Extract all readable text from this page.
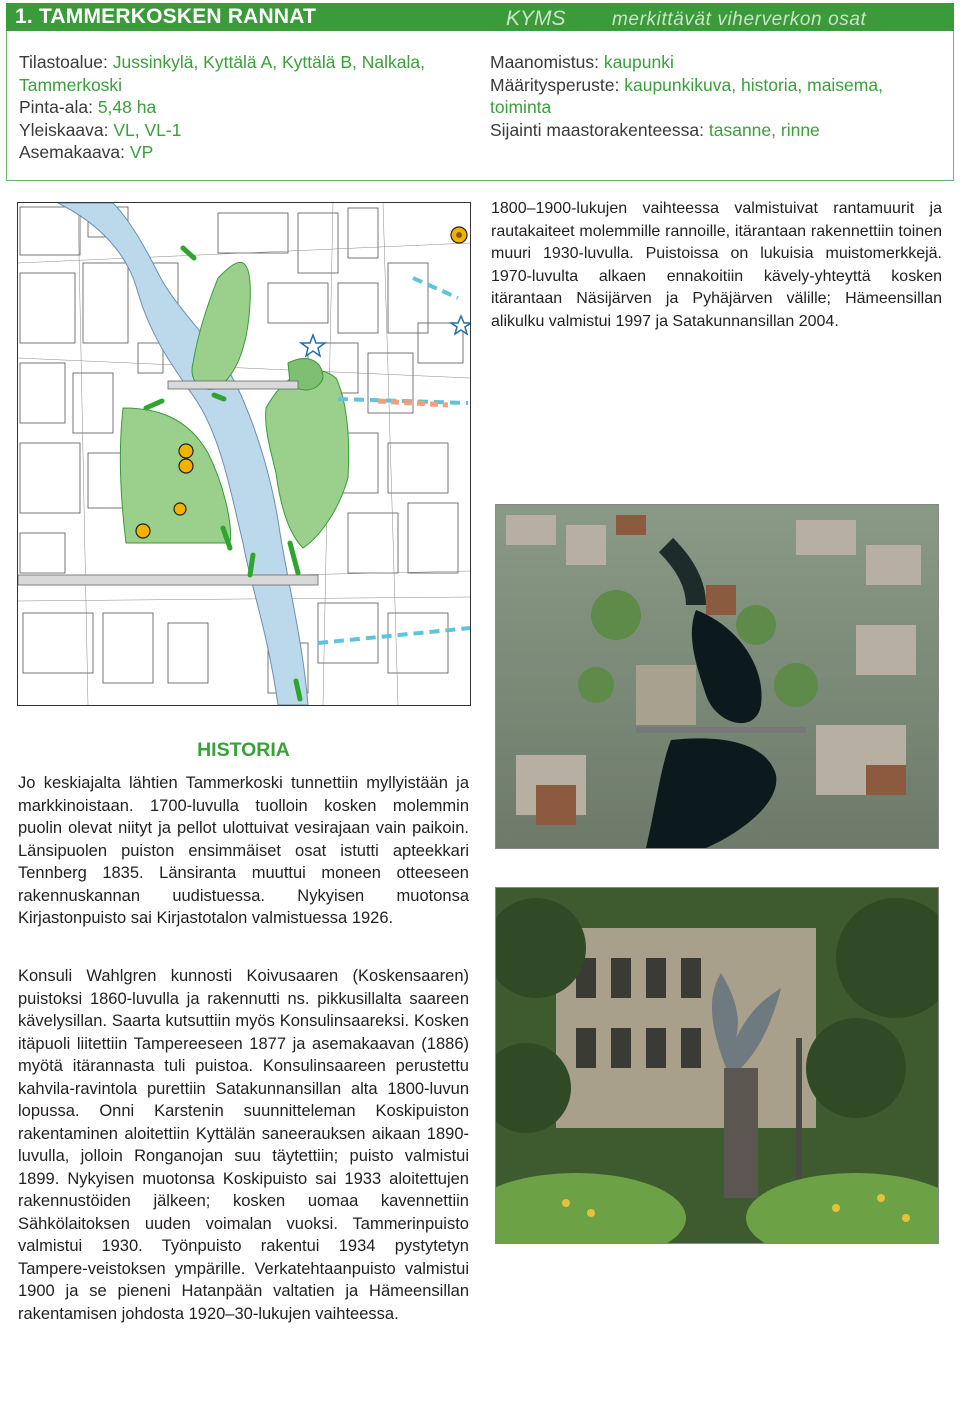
1. TAMMERKOSKEN RANNAT	KYMS merkittävät viherverkon osat
Tilastoalue: Jussinkylä, Kyttälä A, Kyttälä B, Nalkala, Tammerkoski
Pinta-ala: 5,48 ha
Yleiskaava: VL, VL-1
Asemakaava: VP
Maanomistus: kaupunki
Määritysperuste: kaupunkikuva, historia, maisema, toiminta
Sijainti maastorakenteessa: tasanne, rinne
1800–1900-lukujen vaihteessa valmistuivat rantamuurit ja rautakaiteet molemmille rannoille, itärantaan rakennettiin toinen muuri 1930-luvulla. Puistoissa on lukuisia muistomerkkejä. 1970-luvulta alkaen ennakoitiin kävely-yhteyttä kosken itärantaan Näsijärven ja Pyhäjärven välille; Hämeensillan alikulku valmistui 1997 ja Satakunnansillan 2004.
HISTORIA
Jo keskiajalta lähtien Tammerkoski tunnettiin myllyistään ja markkinoistaan. 1700-luvulla tuolloin kosken molemmin puolin olevat niityt ja pellot ulottuivat vesirajaan vain paikoin. Länsipuolen puiston ensimmäiset osat istutti apteekkari Tennberg 1835. Länsiranta muuttui moneen otteeseen rakennuskannan uudistuessa. Nykyisen muotonsa Kirjastonpuisto sai Kirjastotalon valmistuessa 1926.
Konsuli Wahlgren kunnosti Koivusaaren (Koskensaaren) puistoksi 1860-luvulla ja rakennutti ns. pikkusillalta saareen kävelysillan. Saarta kutsuttiin myös Konsulinsaareksi. Kosken itäpuoli liitettiin Tampereeseen 1877 ja asemakaavan (1886) myötä itärannasta tuli puistoa. Konsulinsaareen perustettu kahvila-ravintola purettiin Satakunnansillan alta 1800-luvun lopussa. Onni Karstenin suunnitteleman Koskipuiston rakentaminen aloitettiin Kyttälän saneerauksen aikaan 1890-luvulla, jolloin Ronganojan suu täytettiin; puisto valmistui 1899. Nykyisen muotonsa Koskipuisto sai 1933 aloitettujen rakennustöiden jälkeen; kosken uomaa kavennettiin Sähkölaitoksen uuden voimalan vuoksi. Tammerinpuisto valmistui 1930. Työnpuisto rakentui 1934 pystytetyn Tampere-veistoksen ympärille. Verkatehtaanpuisto valmistui 1900 ja se pieneni Hatanpään valtatien ja Hämeensillan rakentamisen johdosta 1920–30-lukujen vaihteessa.
